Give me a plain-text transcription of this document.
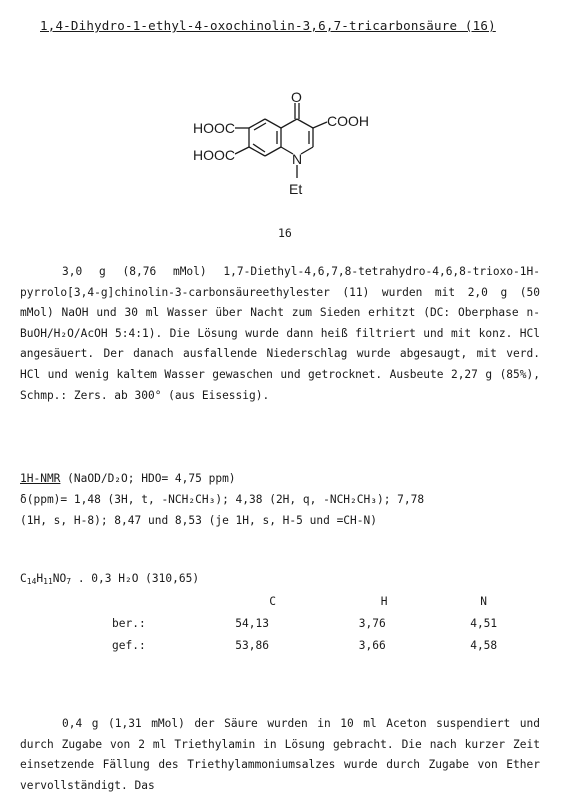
1,4-Dihydro-1-ethyl-4-oxochinolin-3,6,7-tricarbonsäure (16)
O
COOH
HOOC
HOOC	N
Et
16

3,0 g (8,76 mMol) 1,7-Diethyl-4,6,7,8-tetrahydro-4,6,8-trioxo-1H-pyrrolo[3,4-g]chinolin-3-carbonsäureethylester (11) wurden mit 2,0 g (50 mMol) NaOH und 30 ml Wasser über Nacht zum Sieden erhitzt (DC: Oberphase n-BuOH/H₂O/AcOH 5:4:1). Die Lösung wurde dann heiß filtriert und mit konz. HCl angesäuert. Der danach ausfallende Niederschlag wurde abgesaugt, mit verd. HCl und wenig kaltem Wasser gewaschen und getrocknet. Ausbeute 2,27 g (85%), Schmp.: Zers. ab 300° (aus Eisessig).

1H-NMR (NaOD/D₂O; HDO= 4,75 ppm)
δ(ppm)= 1,48 (3H, t, -NCH₂CH₃); 4,38 (2H, q, -NCH₂CH₃); 7,78
(1H, s, H-8); 8,47 und 8,53 (je 1H, s, H-5 und =CH-N)
$C_{14}H_{11}NO_7$ . 0,3 H₂O (310,65)
	C	H	N
ber.:	54,13	3,76	4,51
gef.:	53,86	3,66	4,58

0,4 g (1,31 mMol) der Säure wurden in 10 ml Aceton suspendiert und durch Zugabe von 2 ml Triethylamin in Lösung gebracht. Die nach kurzer Zeit einsetzende Fällung des Triethylammoniumsalzes wurde durch Zugabe von Ether vervollständigt. Das
